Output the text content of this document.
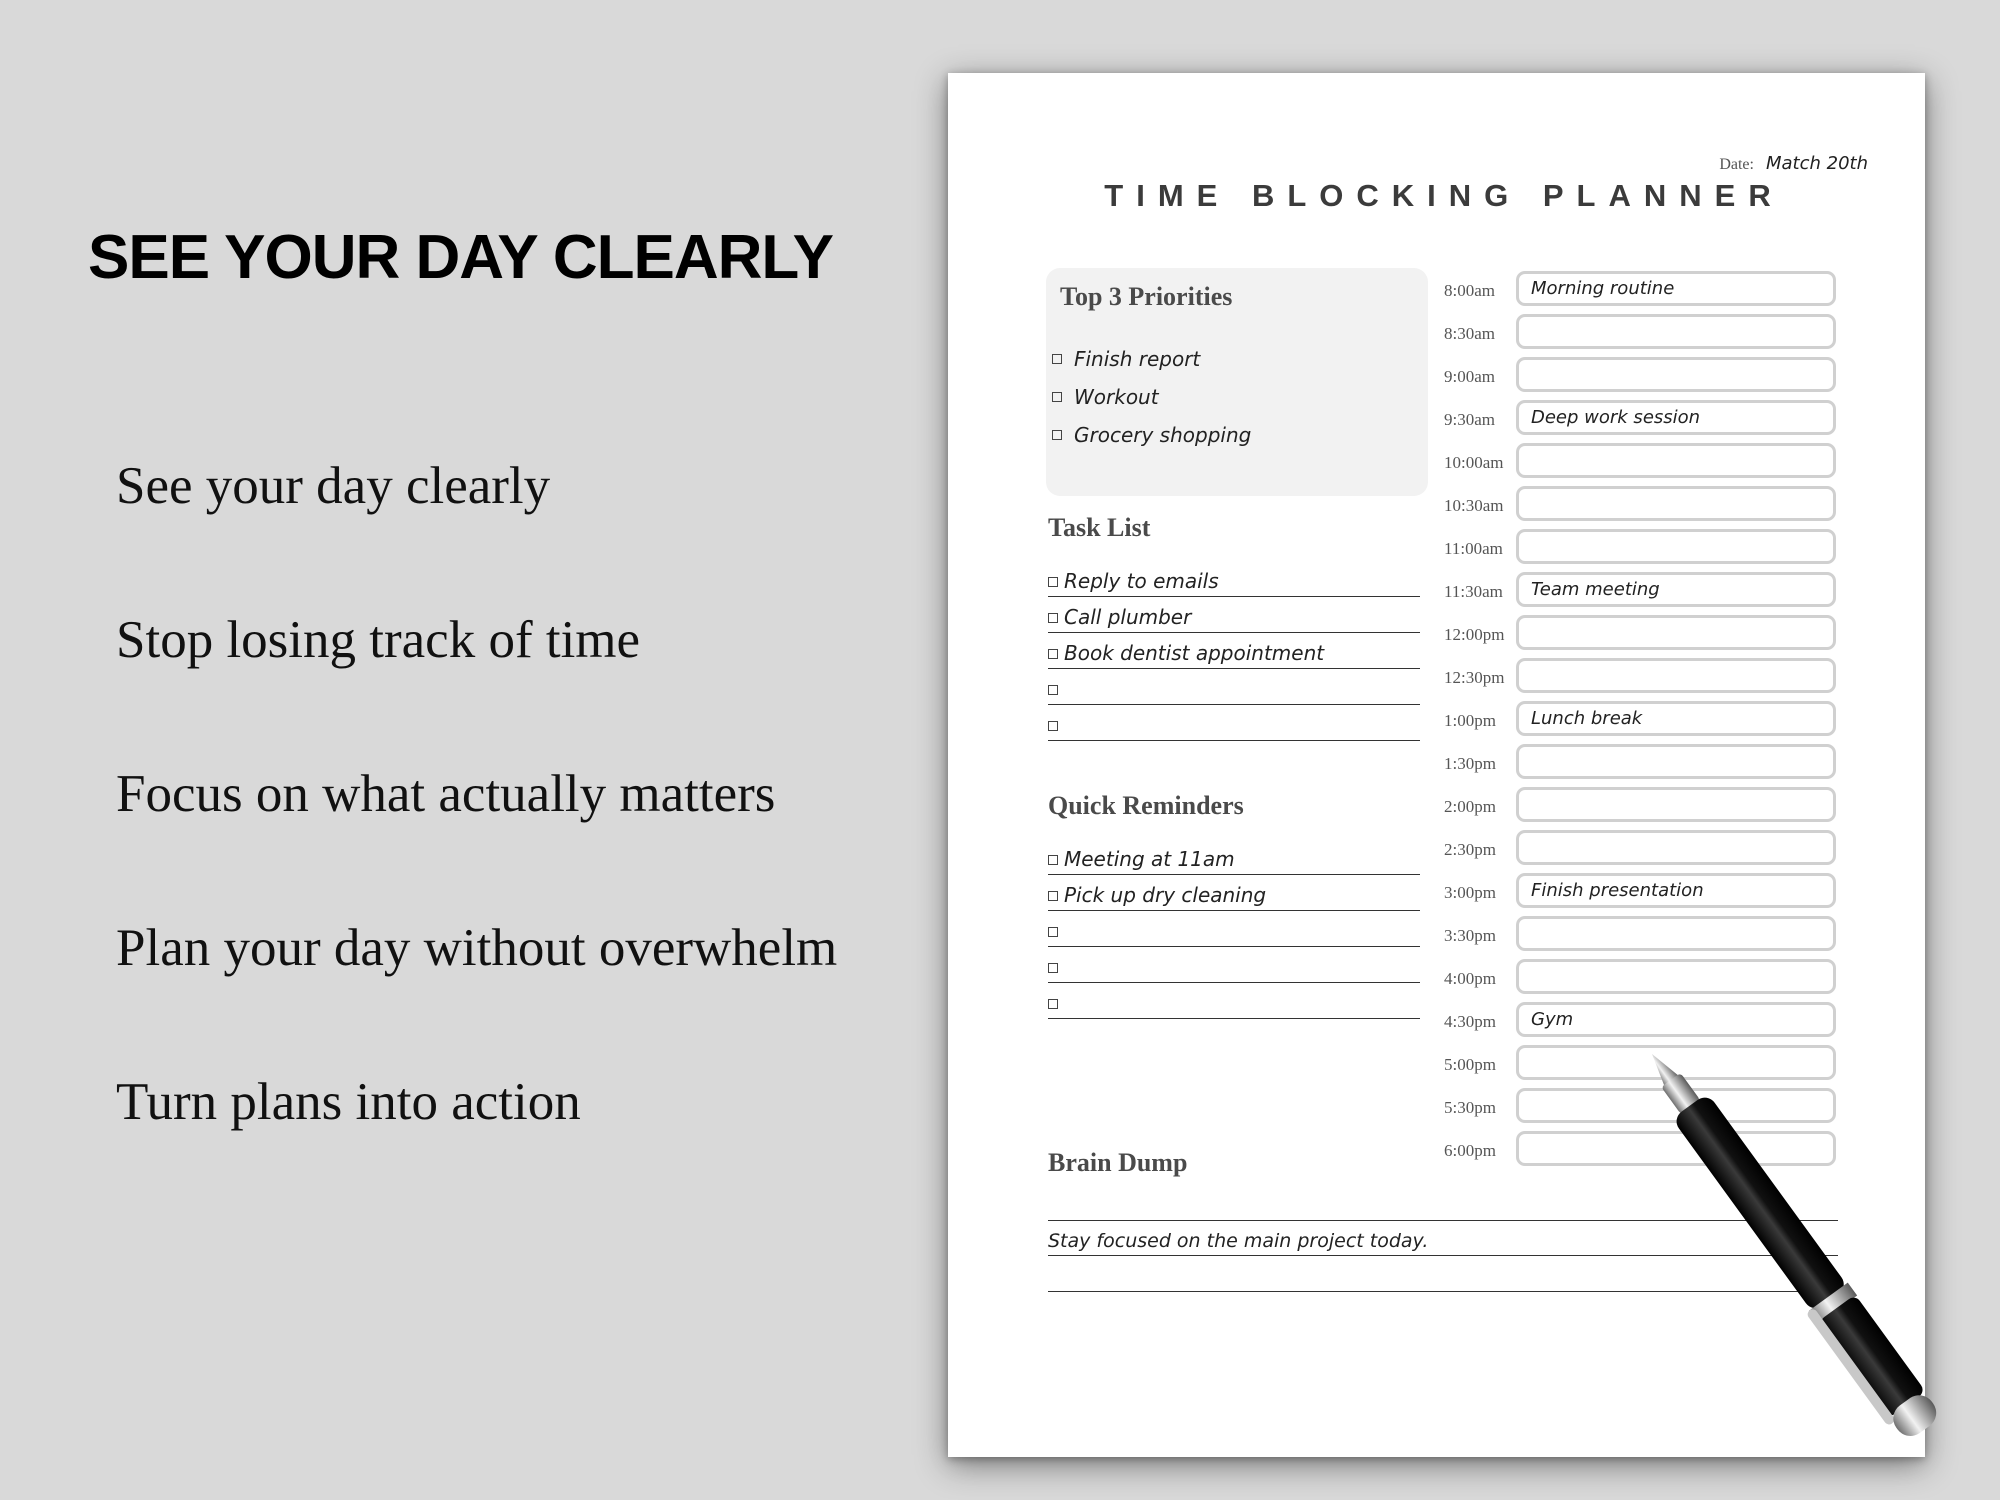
SEE YOUR DAY CLEARLY
See your day clearly
Stop losing track of time
Focus on what actually matters
Plan your day without overwhelm
Turn plans into action
Date: Match 20th
TIME BLOCKING PLANNER
Top 3 Priorities
Finish report
Workout
Grocery shopping
Task List
Reply to emails
Call plumber
Book dentist appointment
Quick Reminders
Meeting at 11am
Pick up dry cleaning
Brain Dump
Stay focused on the main project today.
8:00am	Morning routine
8:30am
9:00am
9:30am	Deep work session
10:00am
10:30am
11:00am
11:30am	Team meeting
12:00pm
12:30pm
1:00pm	Lunch break
1:30pm
2:00pm
2:30pm
3:00pm	Finish presentation
3:30pm
4:00pm
4:30pm	Gym
5:00pm
5:30pm
6:00pm
